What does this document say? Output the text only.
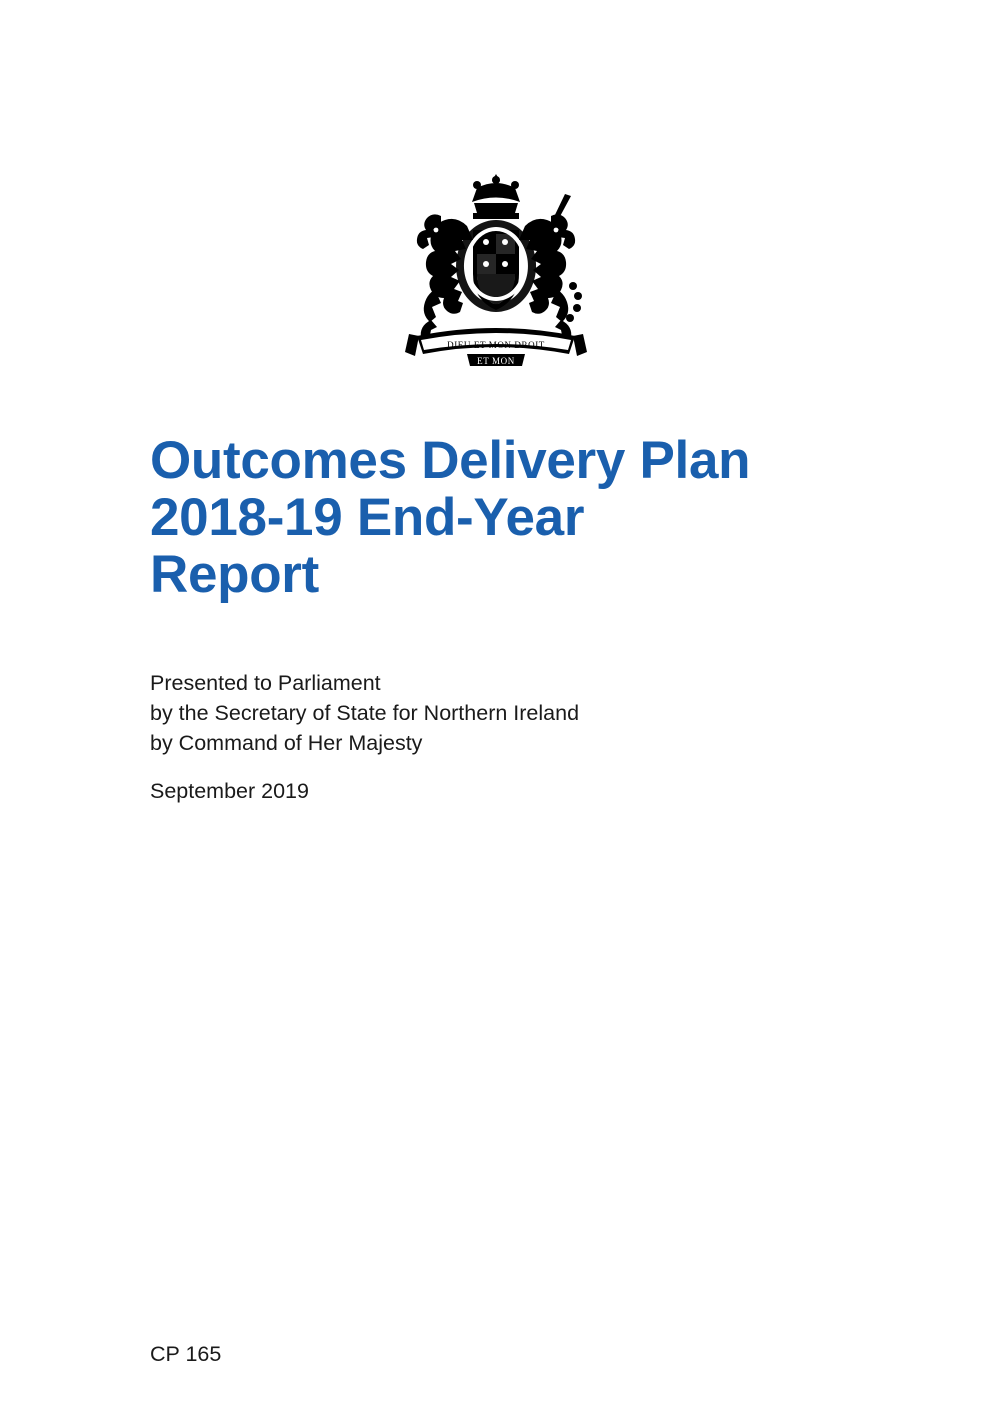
DIEU ET MON DROIT
ET MON
Outcomes Delivery Plan
2018-19 End-Year
Report
Presented to Parliament
by the Secretary of State for Northern Ireland
by Command of Her Majesty
September 2019
CP 165
